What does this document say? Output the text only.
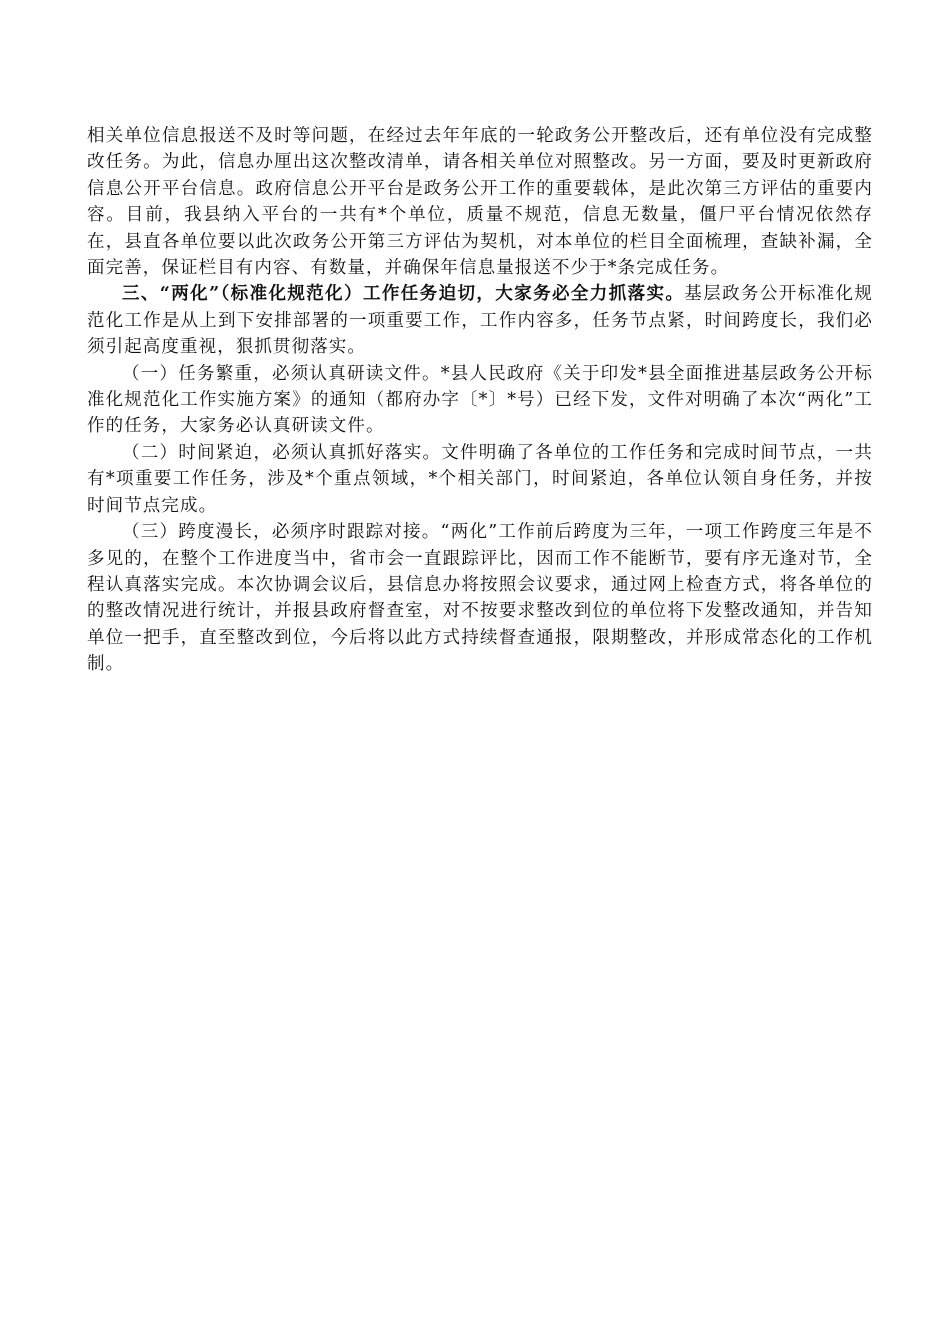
相关单位信息报送不及时等问题，在经过去年年底的一轮政务公开整改后，还有单位没有完成整改任务。为此，信息办厘出这次整改清单，请各相关单位对照整改。另一方面，要及时更新政府信息公开平台信息。政府信息公开平台是政务公开工作的重要载体，是此次第三方评估的重要内容。目前，我县纳入平台的一共有*个单位，质量不规范，信息无数量，僵尸平台情况依然存在，县直各单位要以此次政务公开第三方评估为契机，对本单位的栏目全面梳理，查缺补漏，全面完善，保证栏目有内容、有数量，并确保年信息量报送不少于*条完成任务。

三、“两化”（标准化规范化）工作任务迫切，大家务必全力抓落实。基层政务公开标准化规范化工作是从上到下安排部署的一项重要工作，工作内容多，任务节点紧，时间跨度长，我们必须引起高度重视，狠抓贯彻落实。

（一）任务繁重，必须认真研读文件。*县人民政府《关于印发*县全面推进基层政务公开标准化规范化工作实施方案》的通知（都府办字〔*〕*号）已经下发，文件对明确了本次“两化”工作的任务，大家务必认真研读文件。

（二）时间紧迫，必须认真抓好落实。文件明确了各单位的工作任务和完成时间节点，一共有*项重要工作任务，涉及*个重点领域，*个相关部门，时间紧迫，各单位认领自身任务，并按时间节点完成。

（三）跨度漫长，必须序时跟踪对接。“两化”工作前后跨度为三年，一项工作跨度三年是不多见的，在整个工作进度当中，省市会一直跟踪评比，因而工作不能断节，要有序无逢对节，全程认真落实完成。本次协调会议后，县信息办将按照会议要求，通过网上检查方式，将各单位的的整改情况进行统计，并报县政府督查室，对不按要求整改到位的单位将下发整改通知，并告知单位一把手，直至整改到位，今后将以此方式持续督查通报，限期整改，并形成常态化的工作机制。
